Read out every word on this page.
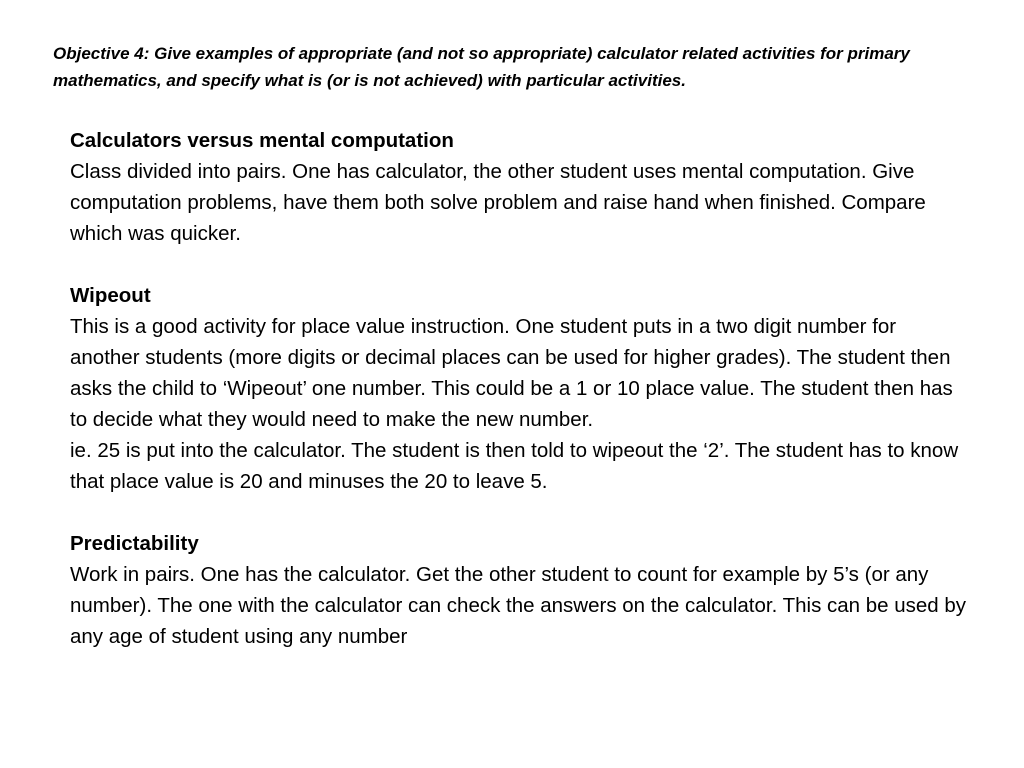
Objective 4: Give examples of appropriate (and not so appropriate) calculator related activities for primary mathematics, and specify what is (or is not achieved) with particular activities.
Calculators versus mental computation
Class divided into pairs. One has calculator, the other student uses mental computation. Give computation problems, have them both solve problem and raise hand when finished. Compare which was quicker.
Wipeout
This is a good activity for place value instruction. One student puts in a two digit number for another students (more digits or decimal places can be used for higher grades). The student then asks the child to ‘Wipeout’ one number. This could be a 1 or 10 place value. The student then has to decide what they would need to make the new number.
ie. 25 is put into the calculator. The student is then told to wipeout the ‘2’. The student has to know that place value is 20 and minuses the 20 to leave 5.
Predictability
Work in pairs. One has the calculator. Get the other student to count for example by 5’s (or any number). The one with the calculator can check the answers on the calculator. This can be used by any age of student using any number
